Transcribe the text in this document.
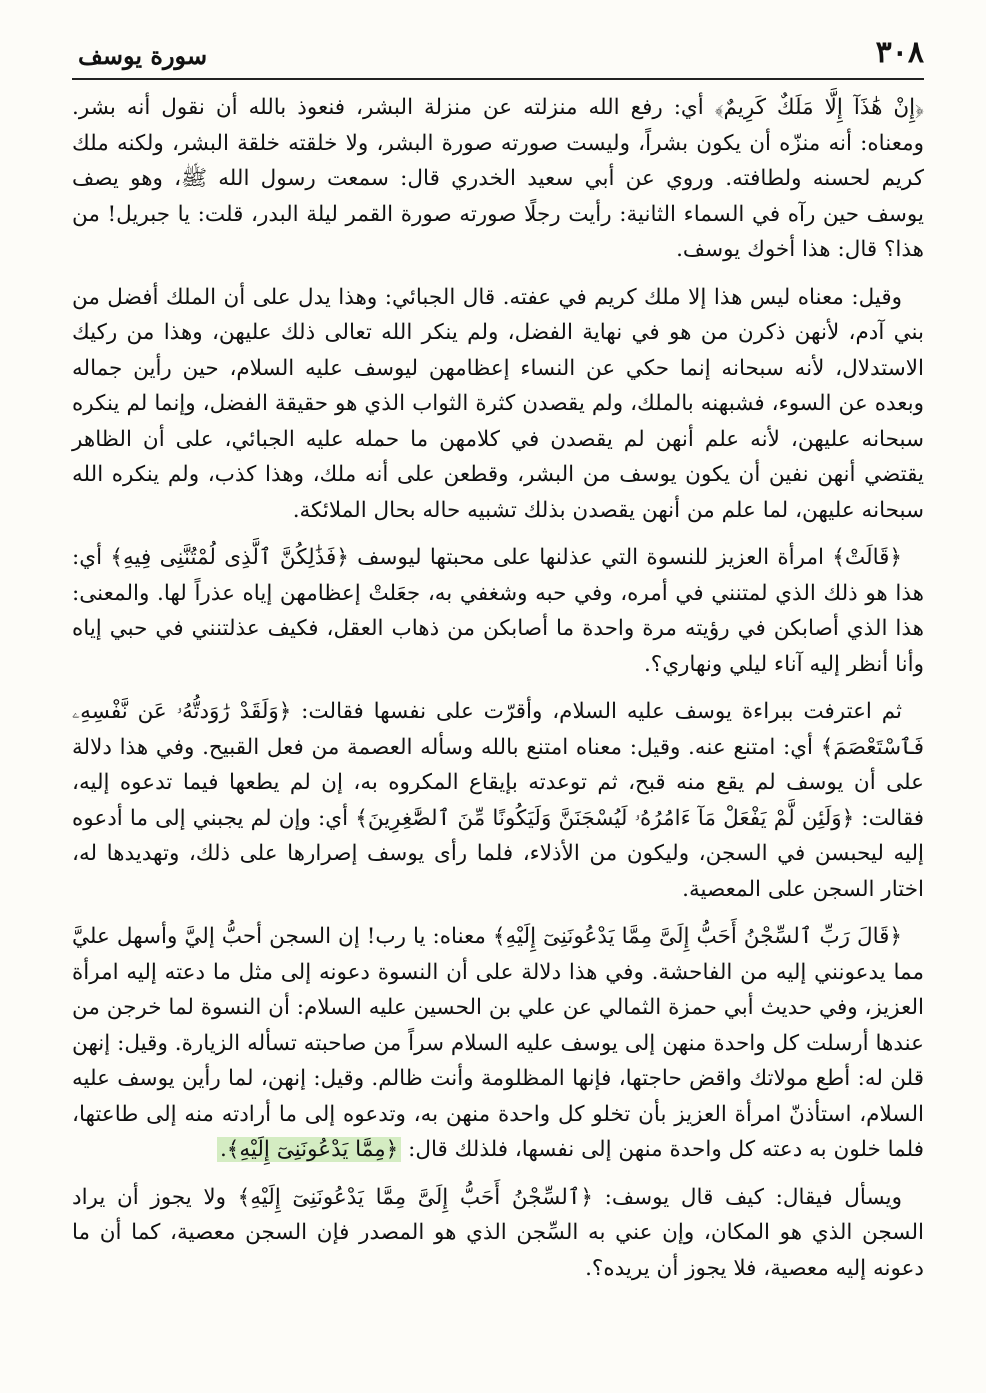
٣٠٨
سورة يوسف

﴿إِنْ هَٰذَآ إِلَّا مَلَكٌ كَرِيمٌ﴾ أي: رفع الله منزلته عن منزلة البشر، فنعوذ بالله أن نقول أنه بشر. ومعناه: أنه منزّه أن يكون بشراً، وليست صورته صورة البشر، ولا خلقته خلقة البشر، ولكنه ملك كريم لحسنه ولطافته. وروي عن أبي سعيد الخدري قال: سمعت رسول الله ﷺ، وهو يصف يوسف حين رآه في السماء الثانية: رأيت رجلًا صورته صورة القمر ليلة البدر، قلت: يا جبريل! من هذا؟ قال: هذا أخوك يوسف.

وقيل: معناه ليس هذا إلا ملك كريم في عفته. قال الجبائي: وهذا يدل على أن الملك أفضل من بني آدم، لأنهن ذكرن من هو في نهاية الفضل، ولم ينكر الله تعالى ذلك عليهن، وهذا من ركيك الاستدلال، لأنه سبحانه إنما حكي عن النساء إعظامهن ليوسف عليه السلام، حين رأين جماله وبعده عن السوء، فشبهنه بالملك، ولم يقصدن كثرة الثواب الذي هو حقيقة الفضل، وإنما لم ينكره سبحانه عليهن، لأنه علم أنهن لم يقصدن في كلامهن ما حمله عليه الجبائي، على أن الظاهر يقتضي أنهن نفين أن يكون يوسف من البشر، وقطعن على أنه ملك، وهذا كذب، ولم ينكره الله سبحانه عليهن، لما علم من أنهن يقصدن بذلك تشبيه حاله بحال الملائكة.

﴿قَالَتْ﴾ امرأة العزيز للنسوة التي عذلنها على محبتها ليوسف ﴿فَذَٰلِكُنَّ ٱلَّذِى لُمْتُنَّنِى فِيهِ﴾ أي: هذا هو ذلك الذي لمتنني في أمره، وفي حبه وشغفي به، جعَلتْ إعظامهن إياه عذراً لها. والمعنى: هذا الذي أصابكن في رؤيته مرة واحدة ما أصابكن من ذهاب العقل، فكيف عذلتنني في حبي إياه وأنا أنظر إليه آناء ليلي ونهاري؟.

ثم اعترفت ببراءة يوسف عليه السلام، وأقرّت على نفسها فقالت: ﴿وَلَقَدْ رَٰوَدتُّهُۥ عَن نَّفْسِهِۦ فَٱسْتَعْصَمَ﴾ أي: امتنع عنه. وقيل: معناه امتنع بالله وسأله العصمة من فعل القبيح. وفي هذا دلالة على أن يوسف لم يقع منه قبح، ثم توعدته بإيقاع المكروه به، إن لم يطعها فيما تدعوه إليه، فقالت: ﴿وَلَئِن لَّمْ يَفْعَلْ مَآ ءَامُرُهُۥ لَيُسْجَنَنَّ وَلَيَكُونًا مِّنَ ٱلصَّٰغِرِينَ﴾ أي: وإن لم يجبني إلى ما أدعوه إليه ليحبسن في السجن، وليكون من الأذلاء، فلما رأى يوسف إصرارها على ذلك، وتهديدها له، اختار السجن على المعصية.

﴿قَالَ رَبِّ ٱلسِّجْنُ أَحَبُّ إِلَىَّ مِمَّا يَدْعُونَنِىٓ إِلَيْهِ﴾ معناه: يا رب! إن السجن أحبُّ إليَّ وأسهل عليَّ مما يدعونني إليه من الفاحشة. وفي هذا دلالة على أن النسوة دعونه إلى مثل ما دعته إليه امرأة العزيز، وفي حديث أبي حمزة الثمالي عن علي بن الحسين عليه السلام: أن النسوة لما خرجن من عندها أرسلت كل واحدة منهن إلى يوسف عليه السلام سراً من صاحبته تسأله الزيارة. وقيل: إنهن قلن له: أطع مولاتك واقض حاجتها، فإنها المظلومة وأنت ظالم. وقيل: إنهن، لما رأين يوسف عليه السلام، استأذنّ امرأة العزيز بأن تخلو كل واحدة منهن به، وتدعوه إلى ما أرادته منه إلى طاعتها، فلما خلون به دعته كل واحدة منهن إلى نفسها، فلذلك قال: ﴿مِمَّا يَدْعُونَنِىٓ إِلَيْهِ﴾.

ويسأل فيقال: كيف قال يوسف: ﴿ٱلسِّجْنُ أَحَبُّ إِلَىَّ مِمَّا يَدْعُونَنِىٓ إِلَيْهِ﴾ ولا يجوز أن يراد السجن الذي هو المكان، وإن عني به السِّجن الذي هو المصدر فإن السجن معصية، كما أن ما دعونه إليه معصية، فلا يجوز أن يريده؟.
